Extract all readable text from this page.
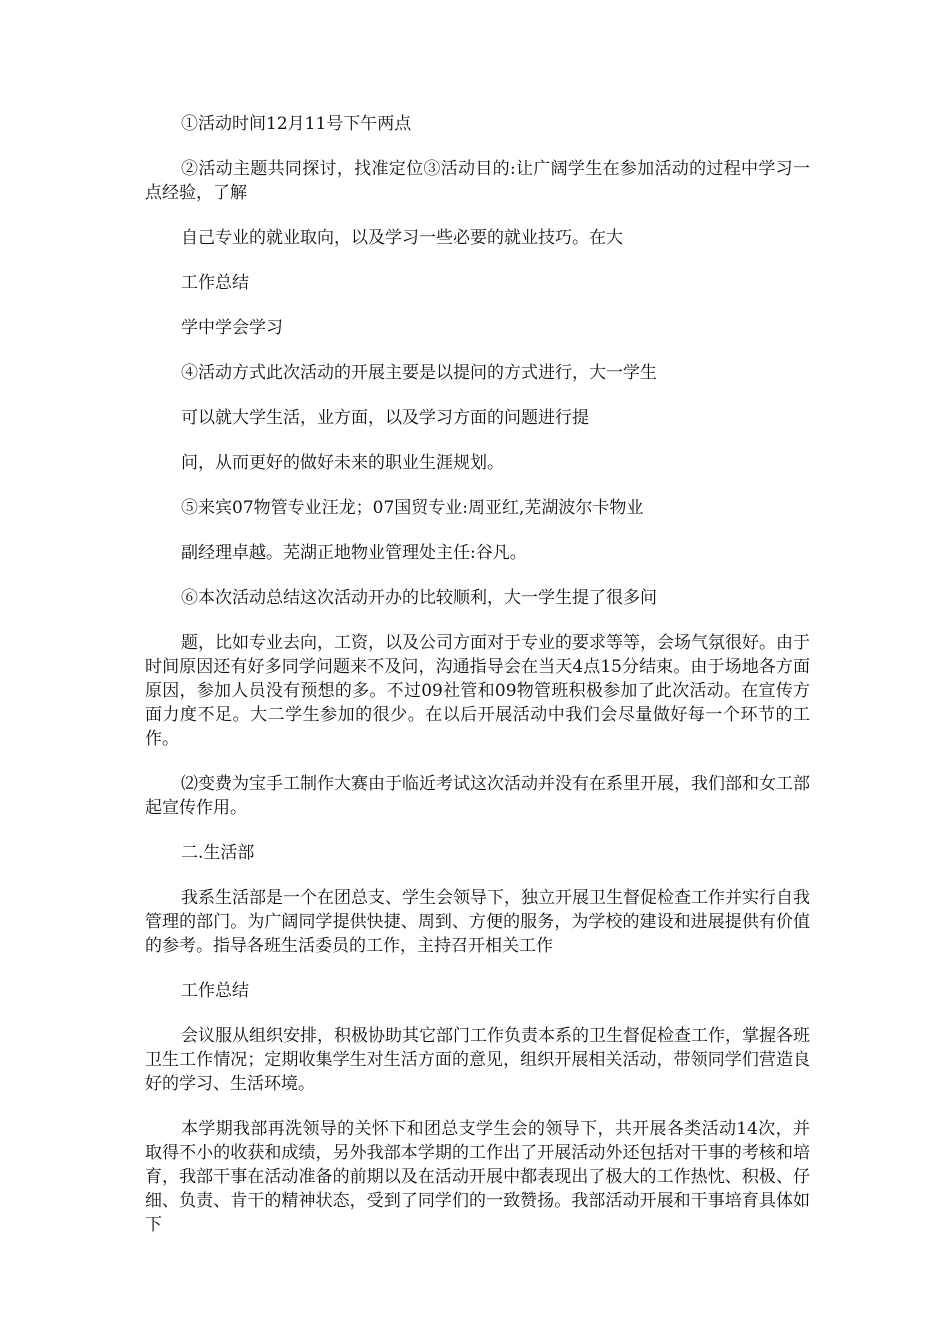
①活动时间12月11号下午两点

②活动主题共同探讨，找准定位③活动目的:让广阔学生在参加活动的过程中学习一点经验，了解

自己专业的就业取向，以及学习一些必要的就业技巧。在大

工作总结

学中学会学习

④活动方式此次活动的开展主要是以提问的方式进行，大一学生

可以就大学生活，业方面，以及学习方面的问题进行提

问，从而更好的做好未来的职业生涯规划。

⑤来宾07物管专业汪龙；07国贸专业:周亚红,芜湖波尔卡物业

副经理卓越。芜湖正地物业管理处主任:谷凡。

⑥本次活动总结这次活动开办的比较顺利，大一学生提了很多问

题，比如专业去向，工资，以及公司方面对于专业的要求等等，会场气氛很好。由于时间原因还有好多同学问题来不及问，沟通指导会在当天4点15分结束。由于场地各方面原因，参加人员没有预想的多。不过09社管和09物管班积极参加了此次活动。在宣传方面力度不足。大二学生参加的很少。在以后开展活动中我们会尽量做好每一个环节的工作。

⑵变费为宝手工制作大赛由于临近考试这次活动并没有在系里开展，我们部和女工部起宣传作用。

二.生活部

我系生活部是一个在团总支、学生会领导下，独立开展卫生督促检查工作并实行自我管理的部门。为广阔同学提供快捷、周到、方便的服务，为学校的建设和进展提供有价值的参考。指导各班生活委员的工作，主持召开相关工作

工作总结

会议服从组织安排，积极协助其它部门工作负责本系的卫生督促检查工作，掌握各班卫生工作情况；定期收集学生对生活方面的意见，组织开展相关活动，带领同学们营造良好的学习、生活环境。

本学期我部再洗领导的关怀下和团总支学生会的领导下，共开展各类活动14次，并取得不小的收获和成绩，另外我部本学期的工作出了开展活动外还包括对干事的考核和培育，我部干事在活动准备的前期以及在活动开展中都表现出了极大的工作热忱、积极、仔细、负责、肯干的精神状态，受到了同学们的一致赞扬。我部活动开展和干事培育具体如下
